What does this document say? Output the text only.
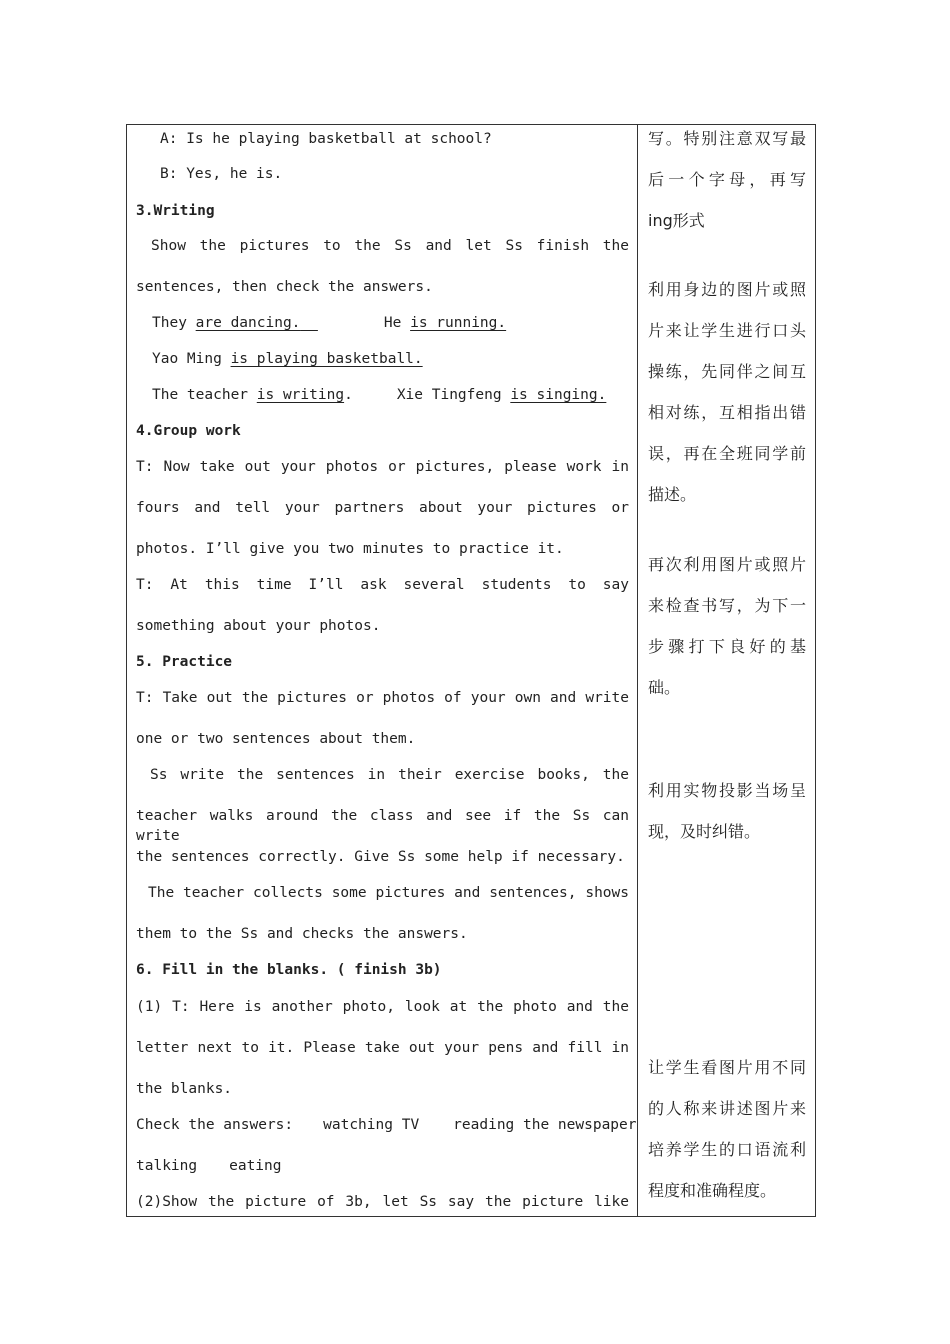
A: Is he playing basketball at school?
B: Yes, he is.
3.Writing
Show the pictures to the Ss and let Ss finish the
sentences, then check the answers.
They are dancing.	He is running.
Yao Ming is playing basketball.
The teacher is writing.	Xie Tingfeng is singing.
4.Group work
T: Now take out your photos or pictures, please work in
fours and tell your partners about your pictures or
photos. I’ll give you two minutes to practice it.
T: At this time I’ll ask several students to say
something about your photos.
5. Practice
T: Take out the pictures or photos of your own and write
one or two sentences about them.
Ss write the sentences in their exercise books, the
teacher walks around the class and see if the Ss can write
the sentences correctly. Give Ss some help if necessary.
The teacher collects some pictures and sentences, shows
them to the Ss and checks the answers.
6. Fill in the blanks. ( finish 3b)
(1) T: Here is another photo, look at the photo and the
letter next to it. Please take out your pens and fill in
the blanks.
Check the answers: watching TV reading the newspaper
talking eating
(2)Show the picture of 3b, let Ss say the picture like
写。特别注意双写最
后一个字母，再写
ing形式
利用身边的图片或照
片来让学生进行口头
操练，先同伴之间互
相对练，互相指出错
误，再在全班同学前
描述。
再次利用图片或照片
来检查书写，为下一
步骤打下良好的基
础。
利用实物投影当场呈
现，及时纠错。
让学生看图片用不同
的人称来讲述图片来
培养学生的口语流利
程度和准确程度。
